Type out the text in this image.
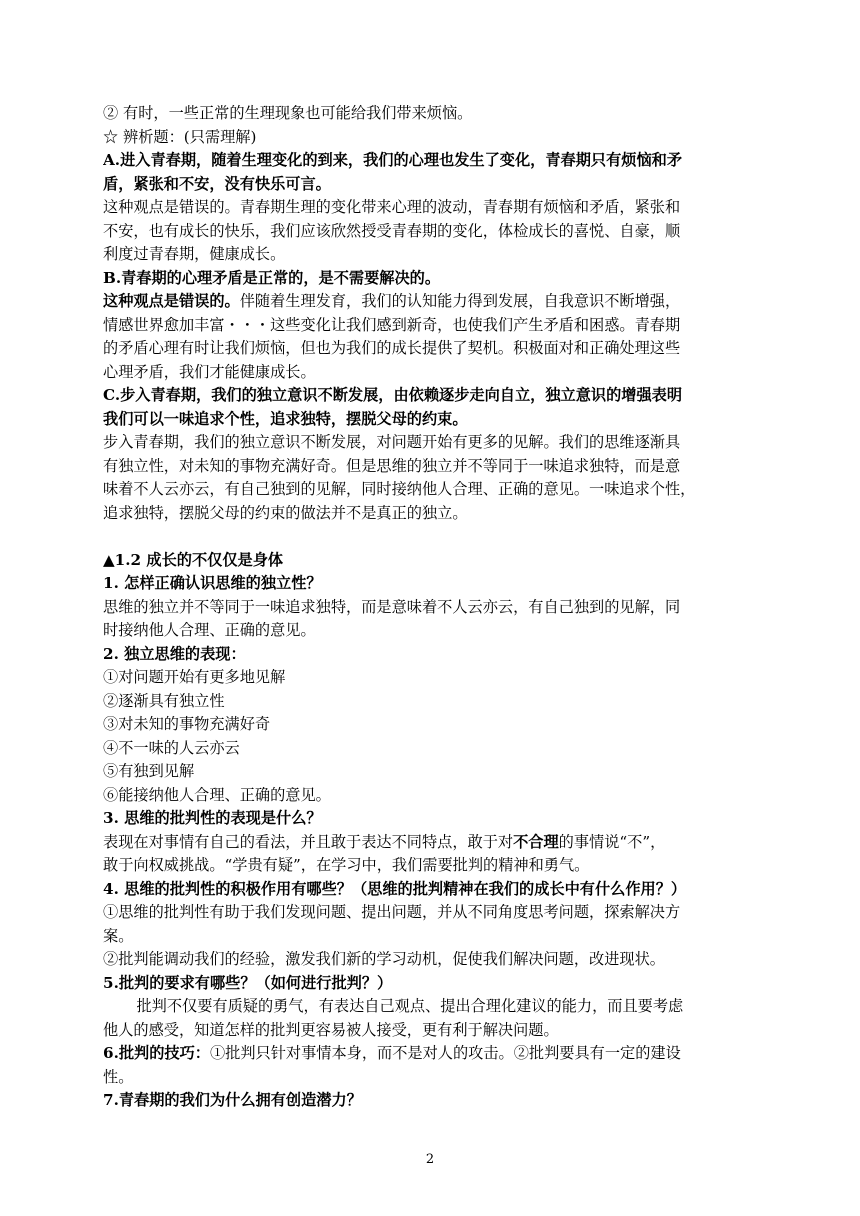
② 有时，一些正常的生理现象也可能给我们带来烦恼。
☆ 辨析题：(只需理解)
A.进入青春期，随着生理变化的到来，我们的心理也发生了变化，青春期只有烦恼和矛
盾，紧张和不安，没有快乐可言。
这种观点是错误的。青春期生理的变化带来心理的波动，青春期有烦恼和矛盾，紧张和
不安，也有成长的快乐，我们应该欣然授受青春期的变化，体检成长的喜悦、自豪，顺
利度过青春期，健康成长。
B.青春期的心理矛盾是正常的，是不需要解决的。
这种观点是错误的。伴随着生理发育，我们的认知能力得到发展，自我意识不断增强，
情感世界愈加丰富・・・这些变化让我们感到新奇，也使我们产生矛盾和困惑。青春期
的矛盾心理有时让我们烦恼，但也为我们的成长提供了契机。积极面对和正确处理这些
心理矛盾，我们才能健康成长。
C.步入青春期，我们的独立意识不断发展，由依赖逐步走向自立，独立意识的增强表明
我们可以一味追求个性，追求独特，摆脱父母的约束。
步入青春期，我们的独立意识不断发展，对问题开始有更多的见解。我们的思维逐渐具
有独立性，对未知的事物充满好奇。但是思维的独立并不等同于一味追求独特，而是意
味着不人云亦云，有自己独到的见解，同时接纳他人合理、正确的意见。一味追求个性，
追求独特，摆脱父母的约束的做法并不是真正的独立。
▲1.2 成长的不仅仅是身体
1. 怎样正确认识思维的独立性？
思维的独立并不等同于一味追求独特，而是意味着不人云亦云，有自己独到的见解，同
时接纳他人合理、正确的意见。
2. 独立思维的表现：
①对问题开始有更多地见解
②逐渐具有独立性
③对未知的事物充满好奇
④不一味的人云亦云
⑤有独到见解
⑥能接纳他人合理、正确的意见。
3. 思维的批判性的表现是什么？
表现在对事情有自己的看法，并且敢于表达不同特点，敢于对不合理的事情说“不”，
敢于向权威挑战。“学贵有疑”，在学习中，我们需要批判的精神和勇气。
4. 思维的批判性的积极作用有哪些？（思维的批判精神在我们的成长中有什么作用？）
①思维的批判性有助于我们发现问题、提出问题，并从不同角度思考问题，探索解决方
案。
②批判能调动我们的经验，激发我们新的学习动机，促使我们解决问题，改进现状。
5.批判的要求有哪些？（如何进行批判？）
批判不仅要有质疑的勇气，有表达自己观点、提出合理化建议的能力，而且要考虑
他人的感受，知道怎样的批判更容易被人接受，更有利于解决问题。
6.批判的技巧：①批判只针对事情本身，而不是对人的攻击。②批判要具有一定的建设
性。
7.青春期的我们为什么拥有创造潜力？
2
